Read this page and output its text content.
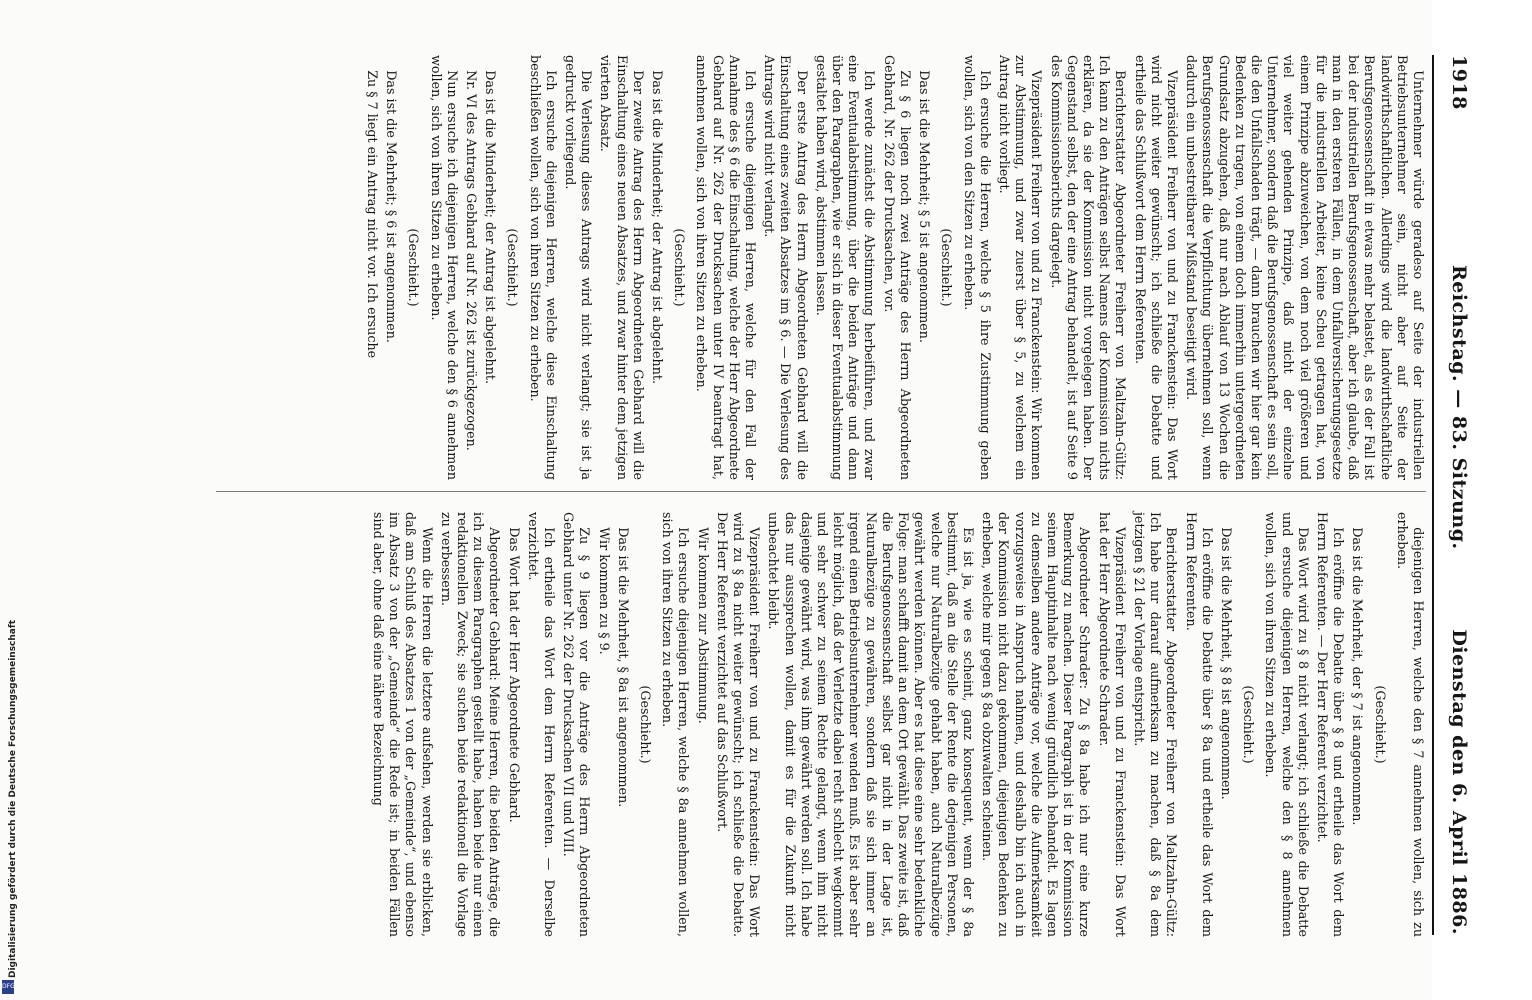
1918
Reichstag. — 83. Sitzung.
Dienstag den 6. April 1886.

Unternehmer würde geradeso auf Seite der industriellen Betriebsunternehmer sein, nicht aber auf Seite der landwirthschaftlichen. Allerdings wird die landwirthschaftliche Berufsgenossenschaft in etwas mehr belastet, als es der Fall ist bei der industriellen Berufsgenossenschaft, aber ich glaube, daß man in den ersteren Fällen, in dem Unfallversicherungsgesetze für die industriellen Arbeiter, keine Scheu getragen hat, von einem Prinzipe abzuweichen, von dem noch viel größeren und viel weiter gehenden Prinzipe, daß nicht der einzelne Unternehmer, sondern daß die Berufsgenossenschaft es sein soll, die den Unfallschaden trägt, — dann brauchen wir hier gar kein Bedenken zu tragen, von einem doch immerhin untergeordneten Grundsatz abzugehen, daß nur nach Ablauf von 13 Wochen die Berufsgenossenschaft die Verpflichtung übernehmen soll, wenn dadurch ein unbestreitbarer Mißstand beseitigt wird.

Vizepräsident Freiherr von und zu Franckenstein: Das Wort wird nicht weiter gewünscht; ich schließe die Debatte und ertheile das Schlußwort dem Herrn Referenten.

Berichterstatter Abgeordneter Freiherr von Maltzahn-Gültz: Ich kann zu den Anträgen selbst Namens der Kommission nichts erklären, da sie der Kommission nicht vorgelegen haben. Der Gegenstand selbst, den der eine Antrag behandelt, ist auf Seite 9 des Kommissionsberichts dargelegt.

Vizepräsident Freiherr von und zu Franckenstein: Wir kommen zur Abstimmung, und zwar zuerst über § 5, zu welchem ein Antrag nicht vorliegt.

Ich ersuche die Herren, welche § 5 ihre Zustimmung geben wollen, sich von den Sitzen zu erheben.

(Geschieht.)

Das ist die Mehrheit; § 5 ist angenommen.

Zu § 6 liegen noch zwei Anträge des Herrn Abgeordneten Gebhard, Nr. 262 der Drucksachen, vor.

Ich werde zunächst die Abstimmung herbeiführen, und zwar eine Eventualabstimmung, über die beiden Anträge und dann über den Paragraphen, wie er sich in dieser Eventualabstimmung gestaltet haben wird, abstimmen lassen.

Der erste Antrag des Herrn Abgeordneten Gebhard will die Einschaltung eines zweiten Absatzes im § 6. — Die Verlesung des Antrags wird nicht verlangt.

Ich ersuche diejenigen Herren, welche für den Fall der Annahme des § 6 die Einschaltung, welche der Herr Abgeordnete Gebhard auf Nr. 262 der Drucksachen unter IV beantragt hat, annehmen wollen, sich von ihren Sitzen zu erheben.

(Geschieht.)

Das ist die Minderheit; der Antrag ist abgelehnt.

Der zweite Antrag des Herrn Abgeordneten Gebhard will die Einschaltung eines neuen Absatzes, und zwar hinter dem jetzigen vierten Absatz.

Die Verlesung dieses Antrags wird nicht verlangt; sie ist ja gedruckt vorliegend.

Ich ersuche diejenigen Herren, welche diese Einschaltung beschließen wollen, sich von ihren Sitzen zu erheben.

(Geschieht.)

Das ist die Minderheit; der Antrag ist abgelehnt.

Nr. VI des Antrags Gebhard auf Nr. 262 ist zurückgezogen.

Nun ersuche ich diejenigen Herren, welche den § 6 annehmen wollen, sich von ihren Sitzen zu erheben.

(Geschieht.)

Das ist die Mehrheit; § 6 ist angenommen.

Zu § 7 liegt ein Antrag nicht vor. Ich ersuche

diejenigen Herren, welche den § 7 annehmen wollen, sich zu erheben.

(Geschieht.)

Das ist die Mehrheit, der § 7 ist angenommen.

Ich eröffne die Debatte über § 8 und ertheile das Wort dem Herrn Referenten. — Der Herr Referent verzichtet.

Das Wort wird zu § 8 nicht verlangt; ich schließe die Debatte und ersuche diejenigen Herren, welche den § 8 annehmen wollen, sich von ihren Sitzen zu erheben.

(Geschieht.)

Das ist die Mehrheit, § 8 ist angenommen.

Ich eröffne die Debatte über § 8a und ertheile das Wort dem Herrn Referenten.

Berichterstatter Abgeordneter Freiherr von Maltzahn-Gültz: Ich habe nur darauf aufmerksam zu machen, daß § 8a dem jetzigen § 21 der Vorlage entspricht.

Vizepräsident Freiherr von und zu Franckenstein: Das Wort hat der Herr Abgeordnete Schrader.

Abgeordneter Schrader: Zu § 8a habe ich nur eine kurze Bemerkung zu machen. Dieser Paragraph ist in der Kommission seinem Hauptinhalte nach wenig gründlich behandelt. Es lagen zu demselben andere Anträge vor, welche die Aufmerksamkeit vorzugsweise in Anspruch nahmen, und deshalb bin ich auch in der Kommission nicht dazu gekommen, diejenigen Bedenken zu erheben, welche mir gegen § 8a obzuwalten scheinen.

Es ist ja, wie es scheint, ganz konsequent, wenn der § 8a bestimmt, daß an die Stelle der Rente die derjenigen Personen, welche nur Naturalbezüge gehabt haben, auch Naturalbezüge gewährt werden können. Aber es hat diese eine sehr bedenkliche Folge: man schafft damit an dem Ort gewählt. Das zweite ist, daß die Berufsgenossenschaft selbst gar nicht in der Lage ist, Naturalbezüge zu gewähren, sondern daß sie sich immer an irgend einen Betriebsunternehmer wenden muß. Es ist aber sehr leicht möglich, daß der Verletzte dabei recht schlecht wegkommt und sehr schwer zu seinem Rechte gelangt, wenn ihm nicht dasjenige gewährt wird, was ihm gewährt werden soll. Ich habe das nur aussprechen wollen, damit es für die Zukunft nicht unbeachtet bleibt.

Vizepräsident Freiherr von und zu Franckenstein: Das Wort wird zu § 8a nicht weiter gewünscht; ich schließe die Debatte. Der Herr Referent verzichtet auf das Schlußwort.

Wir kommen zur Abstimmung.

Ich ersuche diejenigen Herren, welche § 8a annehmen wollen, sich von ihren Sitzen zu erheben.

(Geschieht.)

Das ist die Mehrheit, § 8a ist angenommen.

Wir kommen zu § 9.

Zu § 9 liegen vor die Anträge des Herrn Abgeordneten Gebhard unter Nr. 262 der Drucksachen VII und VIII.

Ich ertheile das Wort dem Herrn Referenten. — Derselbe verzichtet.

Das Wort hat der Herr Abgeordnete Gebhard.

Abgeordneter Gebhard: Meine Herren, die beiden Anträge, die ich zu diesem Paragraphen gestellt habe, haben beide nur einen redaktionellen Zweck; sie suchen beide redaktionell die Vorlage zu verbessern.

Wenn die Herren die letztere aufsehen, werden sie erblicken, daß am Schluß des Absatzes 1 von der „Gemeinde“, und ebenso im Absatz 3 von der „Gemeinde“ die Rede ist; in beiden Fällen sind aber, ohne daß eine nähere Bezeichnung

Digitalisierung gefördert durch die Deutsche Forschungsgemeinschaft
DFG
